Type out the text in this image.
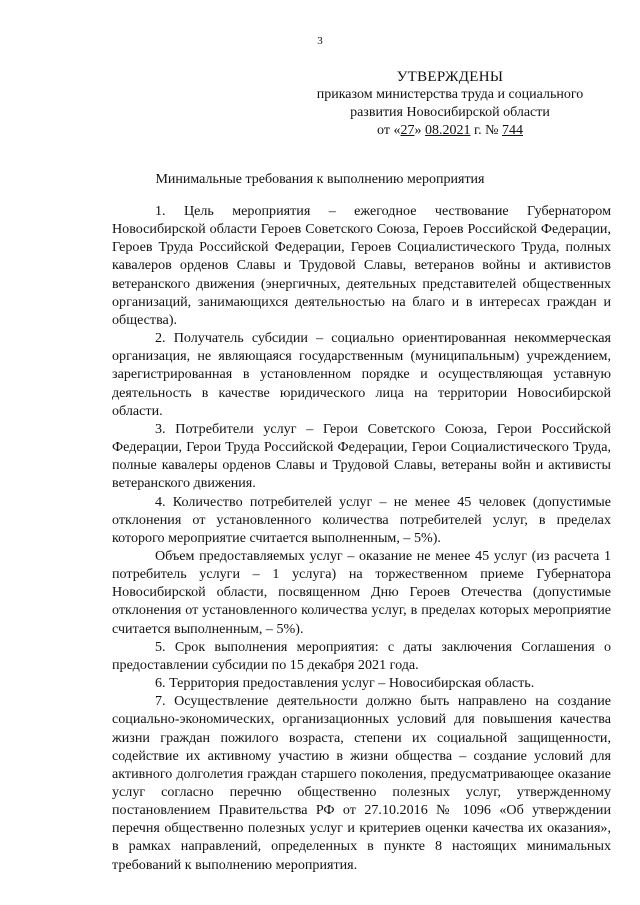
3
УТВЕРЖДЕНЫ
приказом министерства труда и социального
развития Новосибирской области
от «27» 08.2021 г. № 744
Минимальные требования к выполнению мероприятия

1. Цель мероприятия – ежегодное чествование Губернатором Новосибирской области Героев Советского Союза, Героев Российской Федерации, Героев Труда Российской Федерации, Героев Социалистического Труда, полных кавалеров орденов Славы и Трудовой Славы, ветеранов войны и активистов ветеранского движения (энергичных, деятельных представителей общественных организаций, занимающихся деятельностью на благо и в интересах граждан и общества).

2. Получатель субсидии – социально ориентированная некоммерческая организация, не являющаяся государственным (муниципальным) учреждением, зарегистрированная в установленном порядке и осуществляющая уставную деятельность в качестве юридического лица на территории Новосибирской области.

3. Потребители услуг – Герои Советского Союза, Герои Российской Федерации, Герои Труда Российской Федерации, Герои Социалистического Труда, полные кавалеры орденов Славы и Трудовой Славы, ветераны войн и активисты ветеранского движения.

4. Количество потребителей услуг – не менее 45 человек (допустимые отклонения от установленного количества потребителей услуг, в пределах которого мероприятие считается выполненным, – 5%).

Объем предоставляемых услуг – оказание не менее 45 услуг (из расчета 1 потребитель услуги – 1 услуга) на торжественном приеме Губернатора Новосибирской области, посвященном Дню Героев Отечества (допустимые отклонения от установленного количества услуг, в пределах которых мероприятие считается выполненным, – 5%).

5. Срок выполнения мероприятия: с даты заключения Соглашения о предоставлении субсидии по 15 декабря 2021 года.

6. Территория предоставления услуг – Новосибирская область.

7. Осуществление деятельности должно быть направлено на создание социально-экономических, организационных условий для повышения качества жизни граждан пожилого возраста, степени их социальной защищенности, содействие их активному участию в жизни общества – создание условий для активного долголетия граждан старшего поколения, предусматривающее оказание услуг согласно перечню общественно полезных услуг, утвержденному постановлением Правительства РФ от 27.10.2016 № 1096 «Об утверждении перечня общественно полезных услуг и критериев оценки качества их оказания», в рамках направлений, определенных в пункте 8 настоящих минимальных требований к выполнению мероприятия.
